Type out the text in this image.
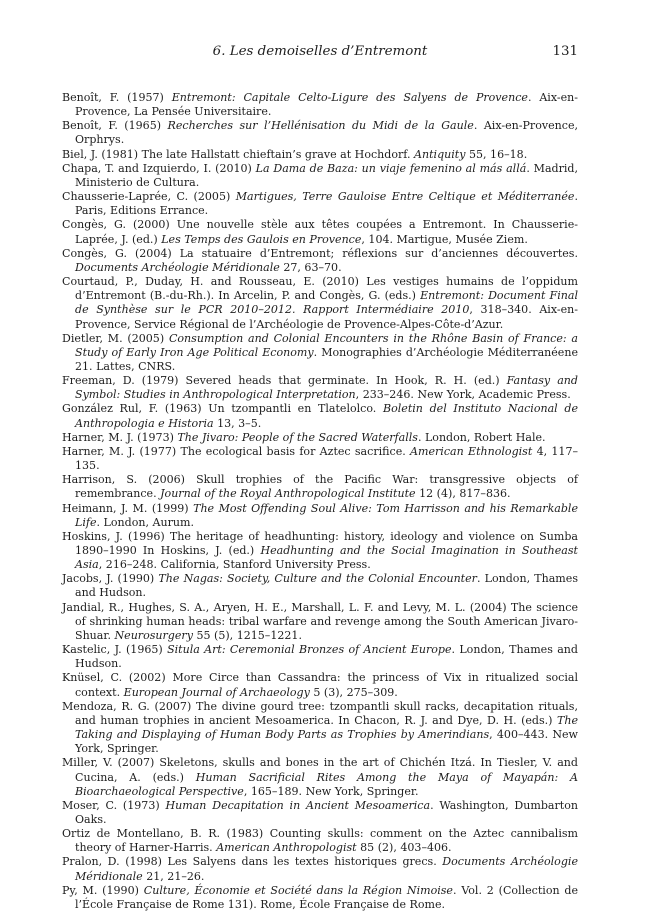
6. Les demoiselles d’Entremont	131

Benoît, F. (1957) Entremont: Capitale Celto-Ligure des Salyens de Provence. Aix-en-Provence, La Pensée Universitaire.

Benoît, F. (1965) Recherches sur l’Hellénisation du Midi de la Gaule. Aix-en-Provence, Orphrys.

Biel, J. (1981) The late Hallstatt chieftain’s grave at Hochdorf. Antiquity 55, 16–18.

Chapa, T. and Izquierdo, I. (2010) La Dama de Baza: un viaje femenino al más allá. Madrid, Ministerio de Cultura.

Chausserie-Laprée, C. (2005) Martigues, Terre Gauloise Entre Celtique et Méditerranée. Paris, Editions Errance.

Congès, G. (2000) Une nouvelle stèle aux têtes coupées a Entremont. In Chausserie-Laprée, J. (ed.) Les Temps des Gaulois en Provence, 104. Martigue, Musée Ziem.

Congès, G. (2004) La statuaire d’Entremont; réflexions sur d’anciennes découvertes. Documents Archéologie Méridionale 27, 63–70.

Courtaud, P., Duday, H. and Rousseau, E. (2010) Les vestiges humains de l’oppidum d’Entremont (B.-du-Rh.). In Arcelin, P. and Congès, G. (eds.) Entremont: Document Final de Synthèse sur le PCR 2010–2012. Rapport Intermédiaire 2010, 318–340. Aix-en-Provence, Service Régional de l’Archéologie de Provence-Alpes-Côte-d’Azur.

Dietler, M. (2005) Consumption and Colonial Encounters in the Rhône Basin of France: a Study of Early Iron Age Political Economy. Monographies d’Archéologie Méditerranéene 21. Lattes, CNRS.

Freeman, D. (1979) Severed heads that germinate. In Hook, R. H. (ed.) Fantasy and Symbol: Studies in Anthropological Interpretation, 233–246. New York, Academic Press.

González Rul, F. (1963) Un tzompantli en Tlatelolco. Boletin del Instituto Nacional de Anthropologia e Historia 13, 3–5.

Harner, M. J. (1973) The Jivaro: People of the Sacred Waterfalls. London, Robert Hale.

Harner, M. J. (1977) The ecological basis for Aztec sacrifice. American Ethnologist 4, 117–135.

Harrison, S. (2006) Skull trophies of the Pacific War: transgressive objects of remembrance. Journal of the Royal Anthropological Institute 12 (4), 817–836.

Heimann, J. M. (1999) The Most Offending Soul Alive: Tom Harrisson and his Remarkable Life. London, Aurum.

Hoskins, J. (1996) The heritage of headhunting: history, ideology and violence on Sumba 1890–1990 In Hoskins, J. (ed.) Headhunting and the Social Imagination in Southeast Asia, 216–248. California, Stanford University Press.

Jacobs, J. (1990) The Nagas: Society, Culture and the Colonial Encounter. London, Thames and Hudson.

Jandial, R., Hughes, S. A., Aryen, H. E., Marshall, L. F. and Levy, M. L. (2004) The science of shrinking human heads: tribal warfare and revenge among the South American Jivaro-Shuar. Neurosurgery 55 (5), 1215–1221.

Kastelic, J. (1965) Situla Art: Ceremonial Bronzes of Ancient Europe. London, Thames and Hudson.

Knüsel, C. (2002) More Circe than Cassandra: the princess of Vix in ritualized social context. European Journal of Archaeology 5 (3), 275–309.

Mendoza, R. G. (2007) The divine gourd tree: tzompantli skull racks, decapitation rituals, and human trophies in ancient Mesoamerica. In Chacon, R. J. and Dye, D. H. (eds.) The Taking and Displaying of Human Body Parts as Trophies by Amerindians, 400–443. New York, Springer.

Miller, V. (2007) Skeletons, skulls and bones in the art of Chichén Itzá. In Tiesler, V. and Cucina, A. (eds.) Human Sacrificial Rites Among the Maya of Mayapán: A Bioarchaeological Perspective, 165–189. New York, Springer.

Moser, C. (1973) Human Decapitation in Ancient Mesoamerica. Washington, Dumbarton Oaks.

Ortiz de Montellano, B. R. (1983) Counting skulls: comment on the Aztec cannibalism theory of Harner-Harris. American Anthropologist 85 (2), 403–406.

Pralon, D. (1998) Les Salyens dans les textes historiques grecs. Documents Archéologie Méridionale 21, 21–26.

Py, M. (1990) Culture, Économie et Société dans la Région Nimoise. Vol. 2 (Collection de l’École Française de Rome 131). Rome, École Française de Rome.
